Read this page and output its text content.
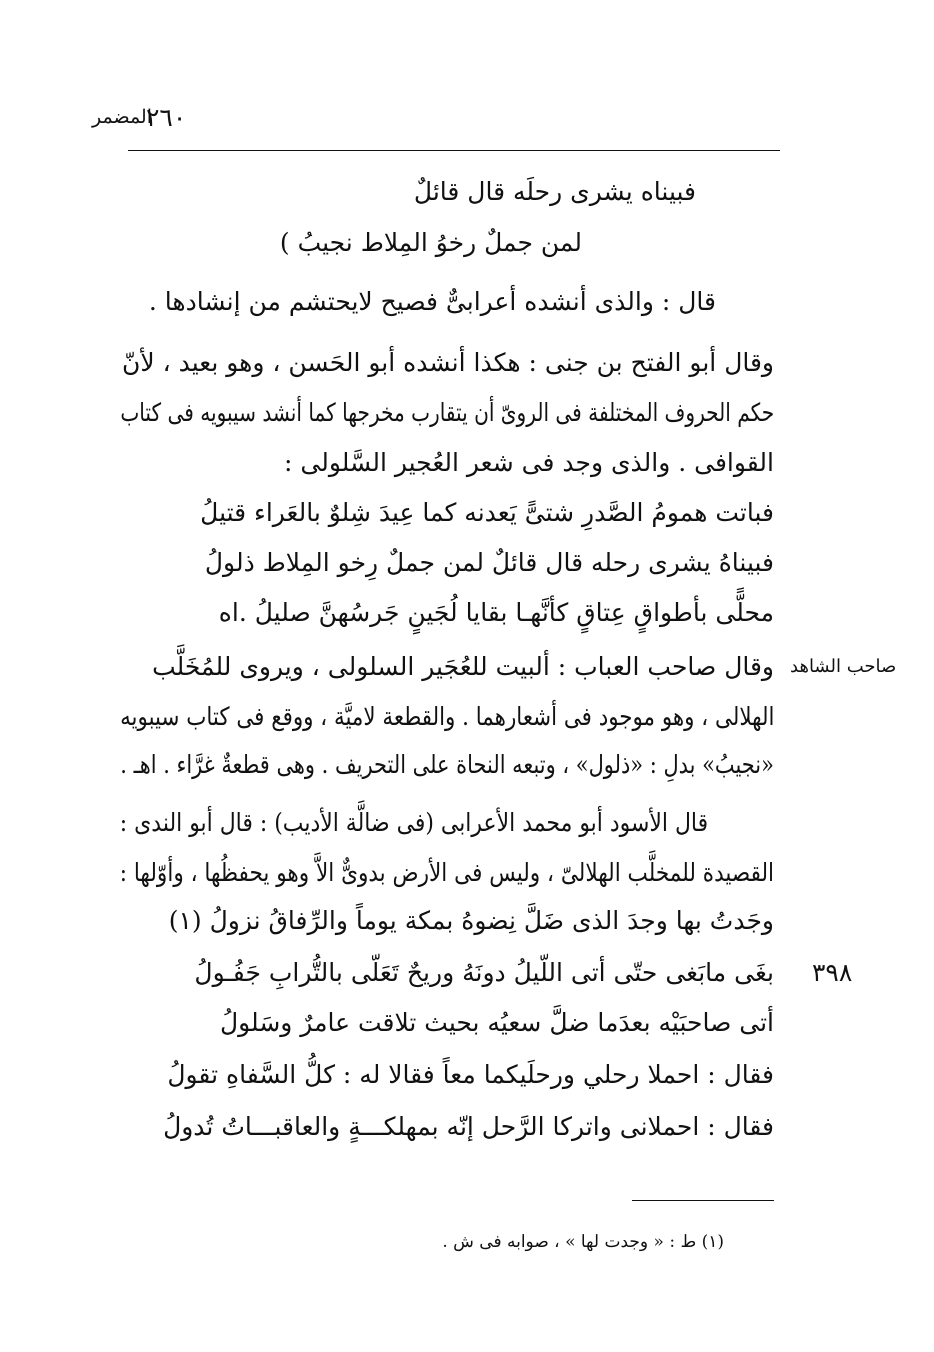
المضمر
٢٦٠
فبيناه يشرى رحلَه قال قائلٌ
لمن جملٌ رخوُ المِلاط نجيبُ )
قال : والذى أنشده أعرابىٌّ فصيح لايحتشم من إنشادها .
وقال أبو الفتح بن جنى : هكذا أنشده أبو الحَسن ، وهو بعيد ، لأنّ
حكم الحروف المختلفة فى الروىّ أن يتقارب مخرجها كما أنشد سيبويه فى كتاب
القوافى . والذى وجد فى شعر العُجير السَّلولى :
فباتت همومُ الصَّدرِ شتىًّ يَعدنه كما عِيدَ شِلوٌ بالعَراء قتيلُ
فبيناهُ يشرى رحله قال قائلٌ لمن جملٌ رِخو المِلاط ذلولُ
محلًّى بأطواقٍ عِتاقٍ كأنَّهـا بقايا لُجَينٍ جَرسُهنَّ صليلُ .اه
وقال صاحب العباب : ألبيت للعُجَير السلولى ، ويروى للمُخَلَّب
الهلالى ، وهو موجود فى أشعارهما . والقطعة لاميَّة ، ووقع فى كتاب سيبويه
«نجيبُ» بدلِ : «ذلول» ، وتبعه النحاة على التحريف . وهى قطعةٌ غرَّاء . اهـ .
قال الأسود أبو محمد الأعرابى (فى ضالَّة الأديب) : قال أبو الندى :
القصيدة للمخلَّب الهلالىّ ، وليس فى الأرض بدوىٌّ الاَّ وهو يحفظُها ، وأوّلها :
وجَدتُ بها وجدَ الذى ضَلَّ نِضوهُ بمكة يوماً والرِّفاقُ نزولُ (١)
بغَى مابَغى حتّى أتى اللّيلُ دونَهُ وريحٌ تَعَلّى بالتُّرابِ جَفُـولُ
أتى صاحبَيْه بعدَما ضلَّ سعيُه بحيث تلاقت عامرٌ وسَلولُ
فقال : احملا رحلي ورحلَيكما معاً فقالا له : كلُّ السَّفاهِ تقولُ
فقال : احملانى واتركا الرَّحل إنّه بمهلكـــةٍ والعاقبـــاتُ تُدولُ
صاحب الشاهد
٣٩٨
(١) ط : « وجدت لها » ، صوابه فى ش .
